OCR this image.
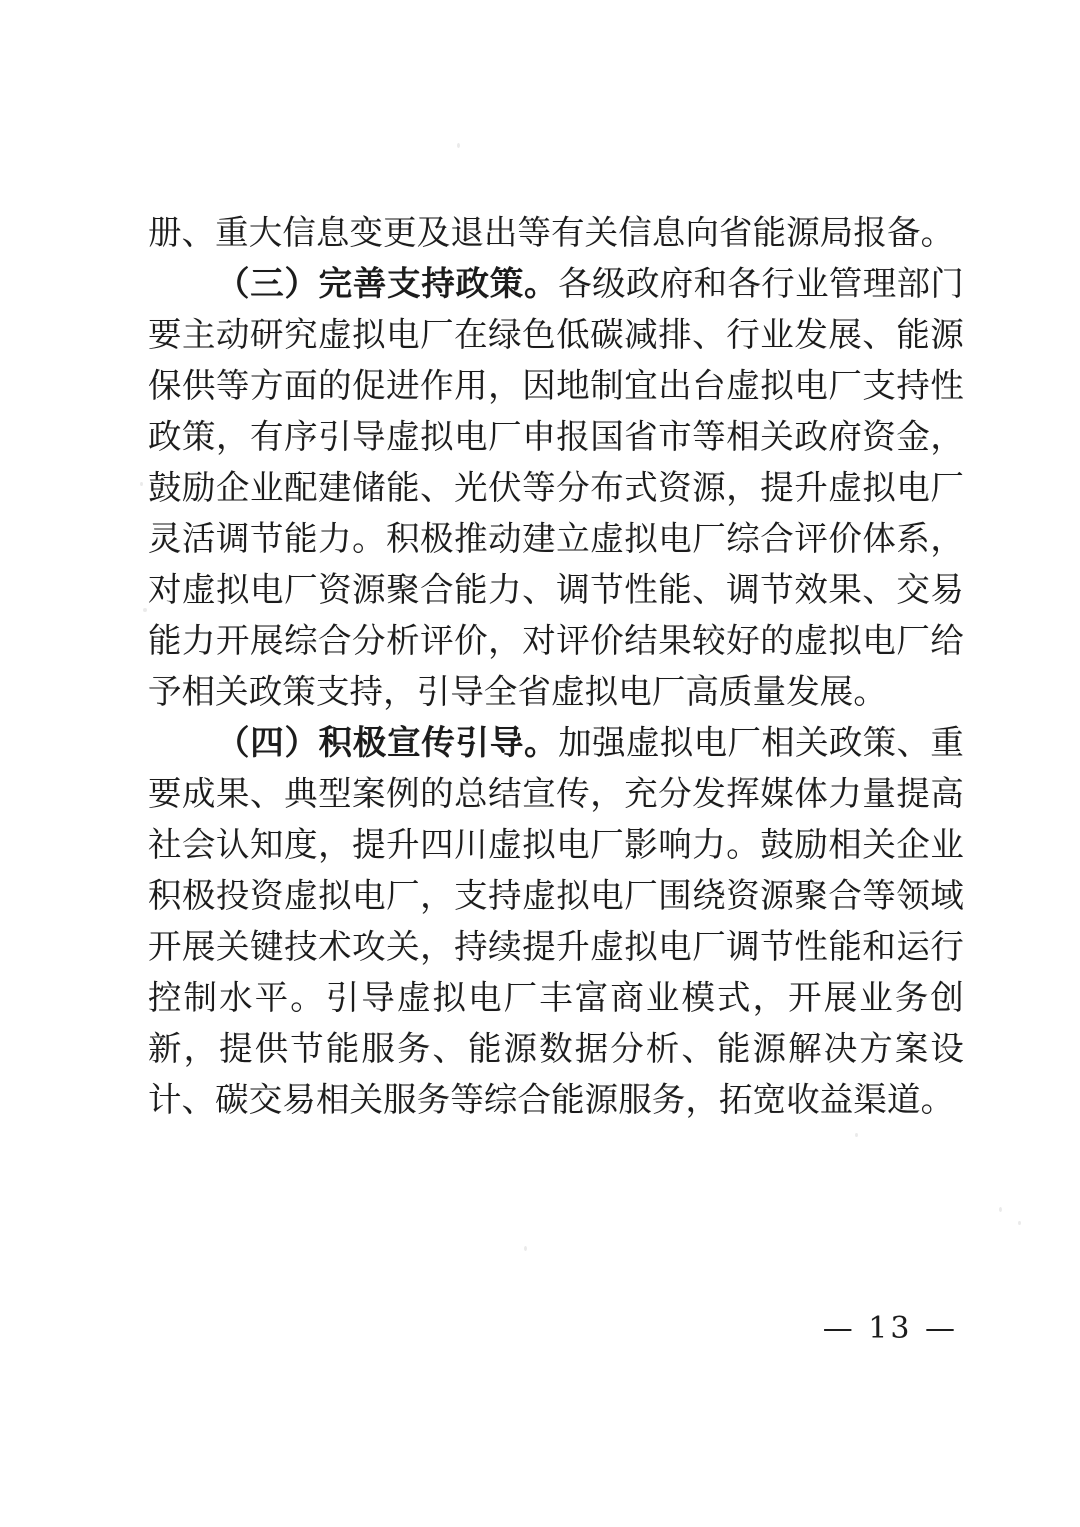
册、重大信息变更及退出等有关信息向省能源局报备。

（三）完善支持政策。各级政府和各行业管理部门要主动研究虚拟电厂在绿色低碳减排、行业发展、能源保供等方面的促进作用，因地制宜出台虚拟电厂支持性政策，有序引导虚拟电厂申报国省市等相关政府资金，鼓励企业配建储能、光伏等分布式资源，提升虚拟电厂灵活调节能力。积极推动建立虚拟电厂综合评价体系，对虚拟电厂资源聚合能力、调节性能、调节效果、交易能力开展综合分析评价，对评价结果较好的虚拟电厂给予相关政策支持，引导全省虚拟电厂高质量发展。

（四）积极宣传引导。加强虚拟电厂相关政策、重要成果、典型案例的总结宣传，充分发挥媒体力量提高社会认知度，提升四川虚拟电厂影响力。鼓励相关企业积极投资虚拟电厂，支持虚拟电厂围绕资源聚合等领域开展关键技术攻关，持续提升虚拟电厂调节性能和运行控制水平。引导虚拟电厂丰富商业模式，开展业务创新，提供节能服务、能源数据分析、能源解决方案设计、碳交易相关服务等综合能源服务，拓宽收益渠道。

— 13 —
